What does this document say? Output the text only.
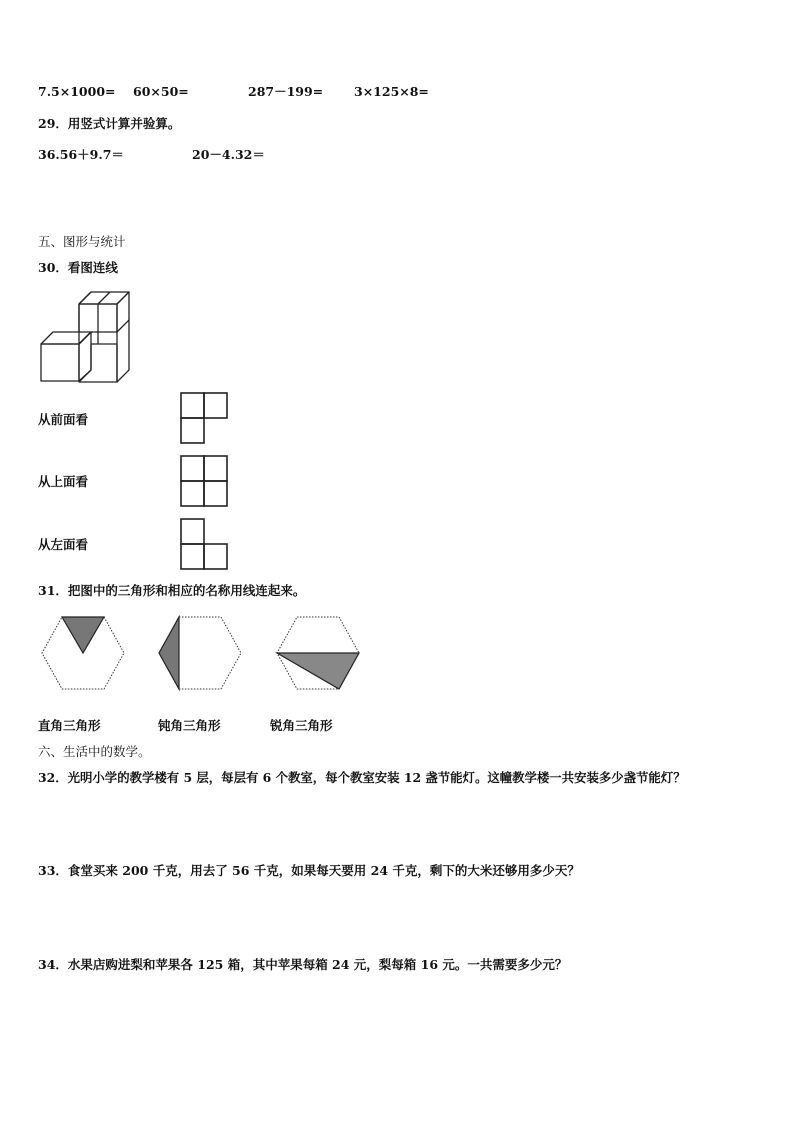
7.5×1000= 60×50=	287－199= 3×125×8=
29．用竖式计算并验算。
36.56＋9.7＝	20－4.32＝
五、图形与统计
30．看图连线
从前面看
从上面看
从左面看
31．把图中的三角形和相应的名称用线连起来。
直角三角形	钝角三角形	锐角三角形
六、生活中的数学。
32．光明小学的教学楼有 5 层，每层有 6 个教室，每个教室安装 12 盏节能灯。这幢教学楼一共安装多少盏节能灯？
33．食堂买来 200 千克，用去了 56 千克，如果每天要用 24 千克，剩下的大米还够用多少天？
34．水果店购进梨和苹果各 125 箱，其中苹果每箱 24 元，梨每箱 16 元。一共需要多少元？
